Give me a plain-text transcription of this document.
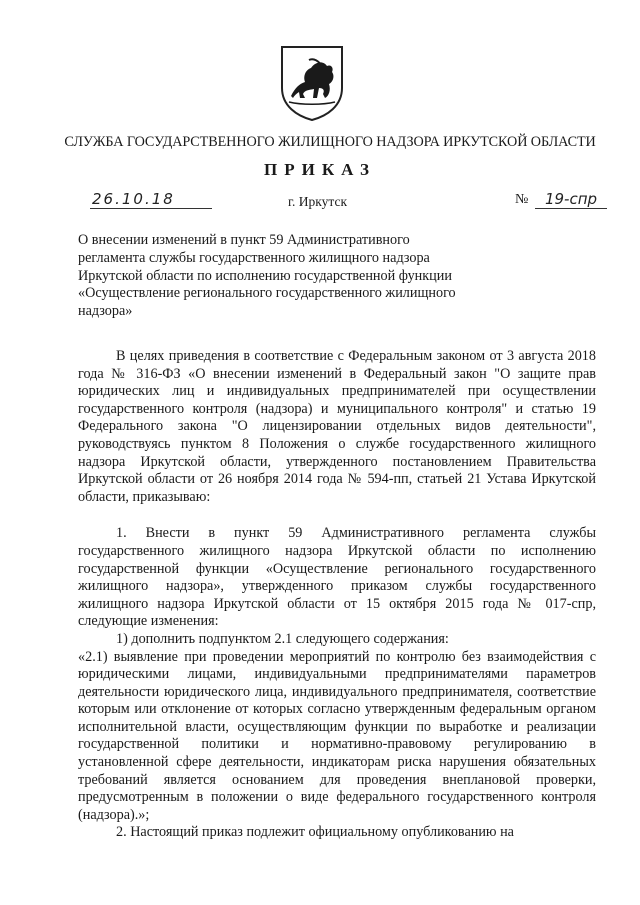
СЛУЖБА ГОСУДАРСТВЕННОГО ЖИЛИЩНОГО НАДЗОРА ИРКУТСКОЙ ОБЛАСТИ
ПРИКАЗ
26.10.18	г. Иркутск	№	19-спр
О внесении изменений в пункт 59 Административного регламента службы государственного жилищного надзора Иркутской области по исполнению государственной функции «Осуществление регионального государственного жилищного надзора»

В целях приведения в соответствие с Федеральным законом от 3 августа 2018 года № 316-ФЗ «О внесении изменений в Федеральный закон "О защите прав юридических лиц и индивидуальных предпринимателей при осуществлении государственного контроля (надзора) и муниципального контроля" и статью 19 Федерального закона "О лицензировании отдельных видов деятельности", руководствуясь пунктом 8 Положения о службе государственного жилищного надзора Иркутской области, утвержденного постановлением Правительства Иркутской области от 26 ноября 2014 года № 594-пп, статьей 21 Устава Иркутской области, приказываю:

1. Внести в пункт 59 Административного регламента службы государственного жилищного надзора Иркутской области по исполнению государственной функции «Осуществление регионального государственного жилищного надзора», утвержденного приказом службы государственного жилищного надзора Иркутской области от 15 октября 2015 года № 017-спр, следующие изменения:

1) дополнить подпунктом 2.1 следующего содержания:

«2.1) выявление при проведении мероприятий по контролю без взаимодействия с юридическими лицами, индивидуальными предпринимателями параметров деятельности юридического лица, индивидуального предпринимателя, соответствие которым или отклонение от которых согласно утвержденным федеральным органом исполнительной власти, осуществляющим функции по выработке и реализации государственной политики и нормативно-правовому регулированию в установленной сфере деятельности, индикаторам риска нарушения обязательных требований является основанием для проведения внеплановой проверки, предусмотренным в положении о виде федерального государственного контроля (надзора).»;

2. Настоящий приказ подлежит официальному опубликованию на
